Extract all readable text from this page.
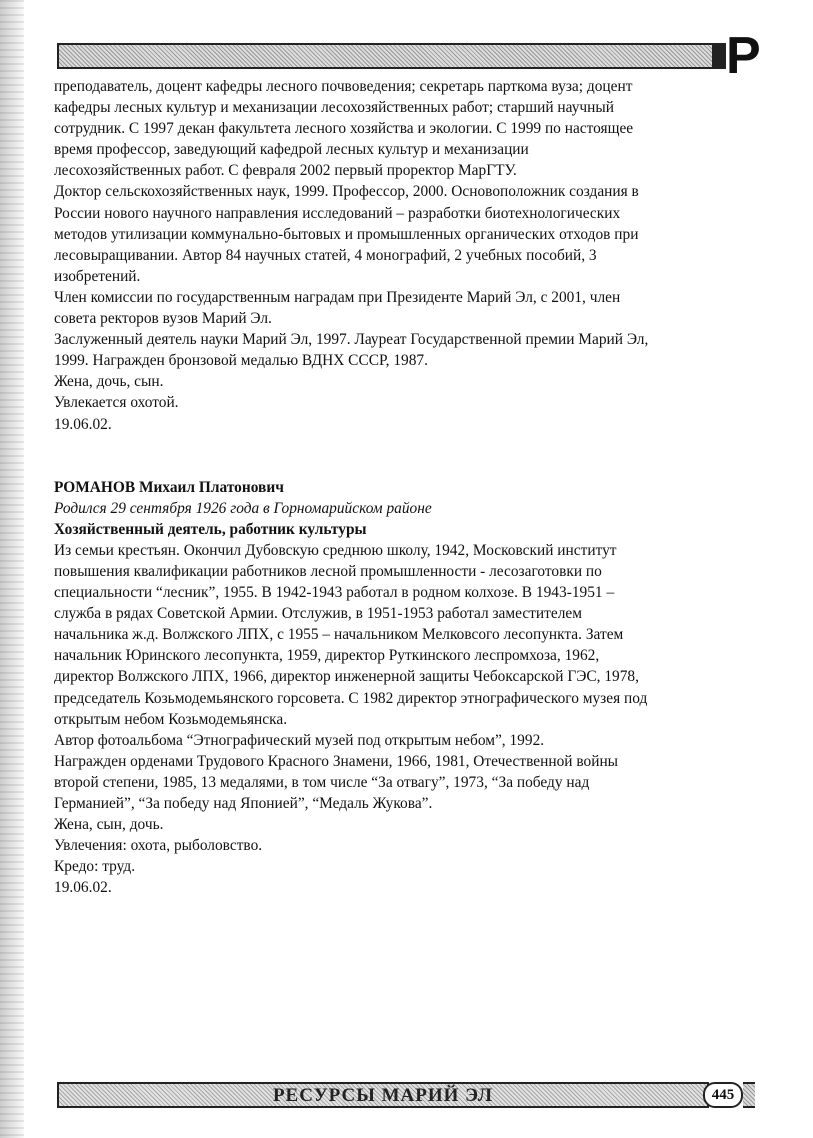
Р
преподаватель, доцент кафедры лесного почвоведения; секретарь парткома вуза; доцент
кафедры лесных культур и механизации лесохозяйственных работ; старший научный
сотрудник. С 1997 декан факультета лесного хозяйства и экологии. С 1999 по настоящее
время профессор, заведующий кафедрой лесных культур и механизации
лесохозяйственных работ. С февраля 2002 первый проректор МарГТУ.
Доктор сельскохозяйственных наук, 1999. Профессор, 2000. Основоположник создания в
России нового научного направления исследований – разработки биотехнологических
методов утилизации коммунально-бытовых и промышленных органических отходов при
лесовыращивании. Автор 84 научных статей, 4 монографий, 2 учебных пособий, 3
изобретений.
Член комиссии по государственным наградам при Президенте Марий Эл, с 2001, член
совета ректоров вузов Марий Эл.
Заслуженный деятель науки Марий Эл, 1997. Лауреат Государственной премии Марий Эл,
1999. Награжден бронзовой медалью ВДНХ СССР, 1987.
Жена, дочь, сын.
Увлекается охотой.
19.06.02.
РОМАНОВ Михаил Платонович
Родился 29 сентября 1926 года в Горномарийском районе
Хозяйственный деятель, работник культуры
Из семьи крестьян. Окончил Дубовскую среднюю школу, 1942, Московский институт
повышения квалификации работников лесной промышленности - лесозаготовки по
специальности “лесник”, 1955. В 1942-1943 работал в родном колхозе. В 1943-1951 –
служба в рядах Советской Армии. Отслужив, в 1951-1953 работал заместителем
начальника ж.д. Волжского ЛПХ, с 1955 – начальником Мелковсого лесопункта. Затем
начальник Юринского лесопункта, 1959, директор Руткинского леспромхоза, 1962,
директор Волжского ЛПХ, 1966, директор инженерной защиты Чебоксарской ГЭС, 1978,
председатель Козьмодемьянского горсовета. С 1982 директор этнографического музея под
открытым небом Козьмодемьянска.
Автор фотоальбома “Этнографический музей под открытым небом”, 1992.
Награжден орденами Трудового Красного Знамени, 1966, 1981, Отечественной войны
второй степени, 1985, 13 медалями, в том числе “За отвагу”, 1973, “За победу над
Германией”, “За победу над Японией”, “Медаль Жукова”.
Жена, сын, дочь.
Увлечения: охота, рыболовство.
Кредо: труд.
19.06.02.
РЕСУРСЫ МАРИЙ ЭЛ	445
